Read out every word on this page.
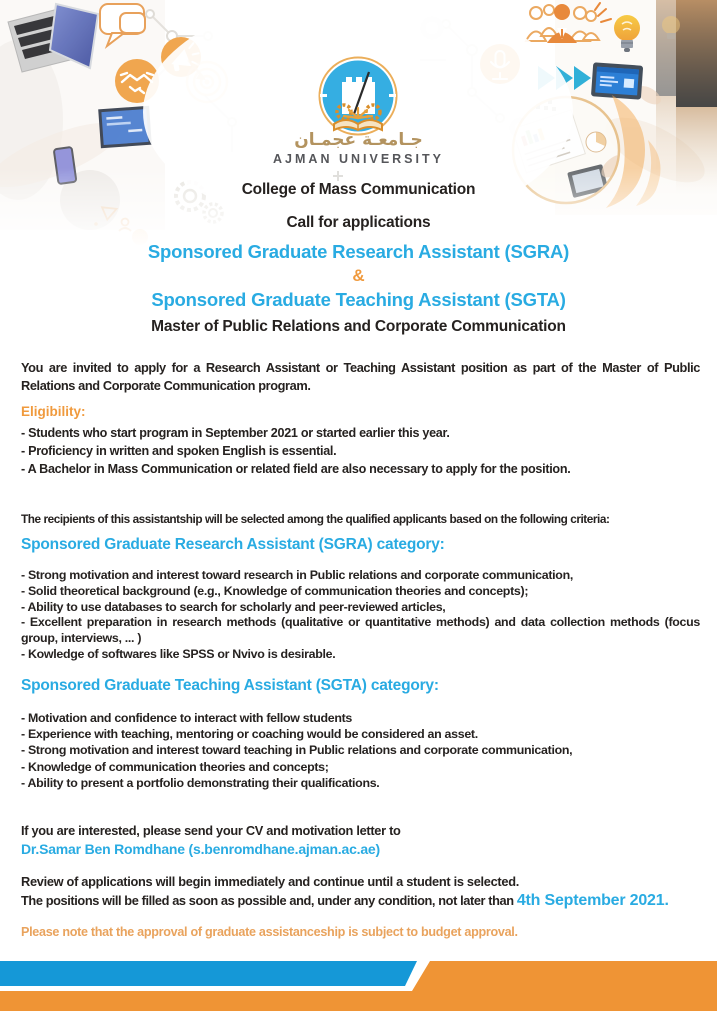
جـامعـة عجمـان
AJMAN UNIVERSITY
College of Mass Communication
Call for applications
Sponsored Graduate Research Assistant (SGRA)
&
Sponsored Graduate Teaching Assistant (SGTA)
Master of Public Relations and Corporate Communication
You are invited to apply for a Research Assistant or Teaching Assistant position as part of the Master of Public Relations and Corporate Communication program.
Eligibility:
- Students who start program in September 2021 or started earlier this year.
- Proficiency in written and spoken English is essential.
- A Bachelor in Mass Communication or related field are also necessary to apply for the position.
The recipients of this assistantship will be selected among the qualified applicants based on the following criteria:
Sponsored Graduate Research Assistant (SGRA) category:
- Strong motivation and interest toward research in Public relations and corporate communication,
- Solid theoretical background (e.g., Knowledge of communication theories and concepts);
- Ability to use databases to search for scholarly and peer-reviewed articles,
- Excellent preparation in research methods (qualitative or quantitative methods) and data collection methods (focus group, interviews, ... )
- Kowledge of softwares like SPSS or Nvivo is desirable.
Sponsored Graduate Teaching Assistant (SGTA) category:
- Motivation and confidence to interact with fellow students
- Experience with teaching, mentoring or coaching would be considered an asset.
- Strong motivation and interest toward teaching in Public relations and corporate communication,
- Knowledge of communication theories and concepts;
- Ability to present a portfolio demonstrating their qualifications.
If you are interested, please send your CV and motivation letter to
Dr.Samar Ben Romdhane (s.benromdhane.ajman.ac.ae)
Review of applications will begin immediately and continue until a student is selected.
The positions will be filled as soon as possible and, under any condition, not later than 4th September 2021.
Please note that the approval of graduate assistanceship is subject to budget approval.
